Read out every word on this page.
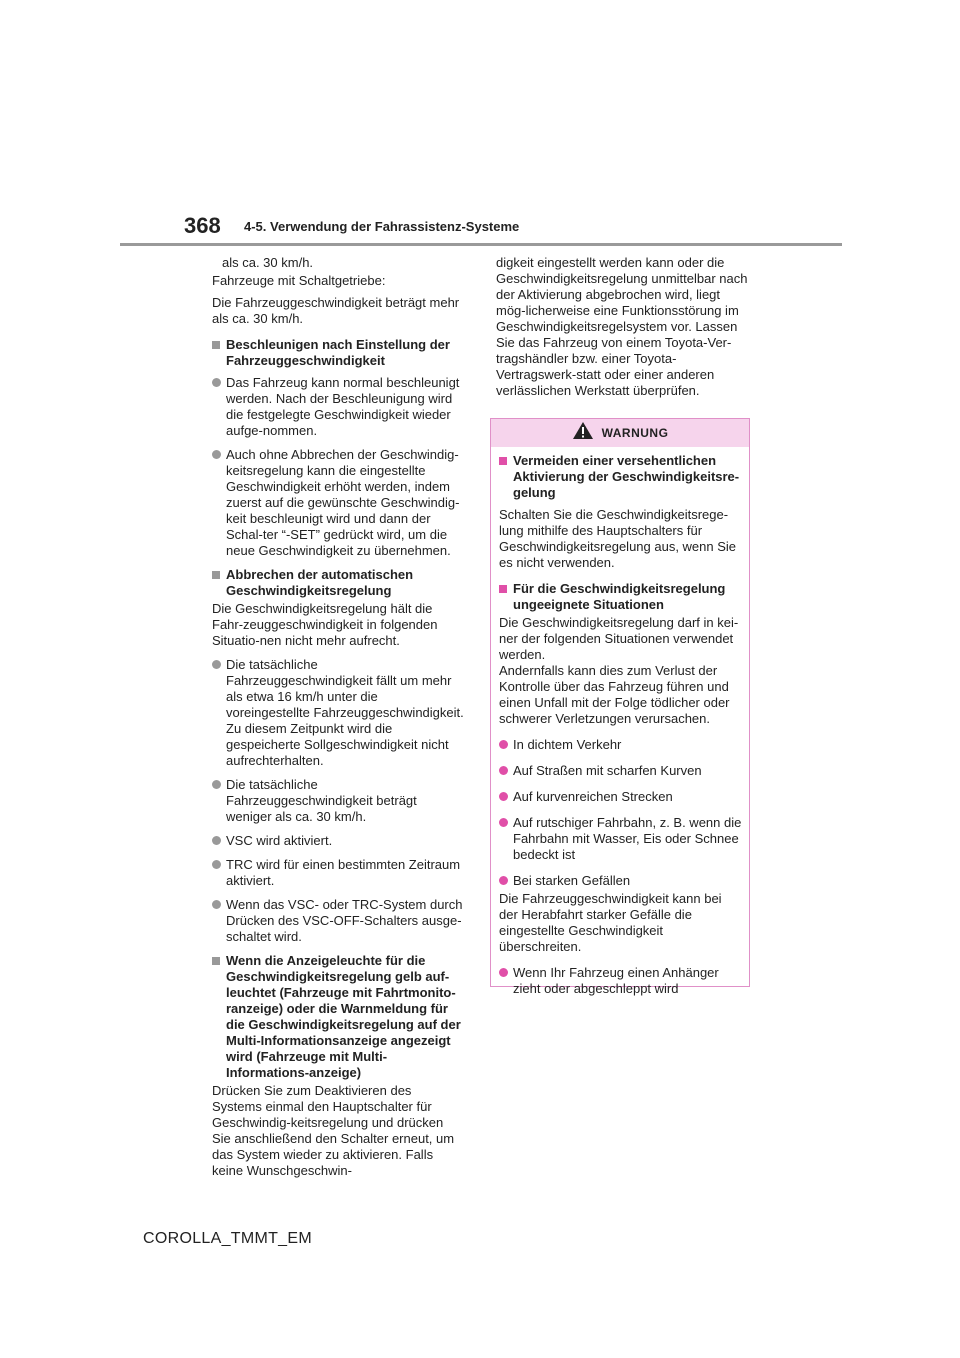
368 4-5. Verwendung der Fahrassistenz-Systeme

als ca. 30 km/h.

Fahrzeuge mit Schaltgetriebe:

Die Fahrzeuggeschwindigkeit beträgt mehr als ca. 30 km/h.

Beschleunigen nach Einstellung der Fahrzeuggeschwindigkeit
Das Fahrzeug kann normal beschleunigt werden. Nach der Beschleunigung wird die festgelegte Geschwindigkeit wieder aufge-nommen.
Auch ohne Abbrechen der Geschwindig-keitsregelung kann die eingestellte Geschwindigkeit erhöht werden, indem zuerst auf die gewünschte Geschwindig-keit beschleunigt wird und dann der Schal-ter “-SET” gedrückt wird, um die neue Geschwindigkeit zu übernehmen.
Abbrechen der automatischen Geschwindigkeitsregelung

Die Geschwindigkeitsregelung hält die Fahr-zeuggeschwindigkeit in folgenden Situatio-nen nicht mehr aufrecht.

Die tatsächliche Fahrzeuggeschwindigkeit fällt um mehr als etwa 16 km/h unter die voreingestellte Fahrzeuggeschwindigkeit. Zu diesem Zeitpunkt wird die gespeicherte Sollgeschwindigkeit nicht aufrechterhalten.
Die tatsächliche Fahrzeuggeschwindigkeit beträgt weniger als ca. 30 km/h.
VSC wird aktiviert.
TRC wird für einen bestimmten Zeitraum aktiviert.
Wenn das VSC- oder TRC-System durch Drücken des VSC-OFF-Schalters ausge-schaltet wird.
Wenn die Anzeigeleuchte für die Geschwindigkeitsregelung gelb auf-leuchtet (Fahrzeuge mit Fahrtmonito-ranzeige) oder die Warnmeldung für die Geschwindigkeitsregelung auf der Multi-Informationsanzeige angezeigt wird (Fahrzeuge mit Multi-Informations-anzeige)

Drücken Sie zum Deaktivieren des Systems einmal den Hauptschalter für Geschwindig-keitsregelung und drücken Sie anschließend den Schalter erneut, um das System wieder zu aktivieren. Falls keine Wunschgeschwin-

digkeit eingestellt werden kann oder die Geschwindigkeitsregelung unmittelbar nach der Aktivierung abgebrochen wird, liegt mög-licherweise eine Funktionsstörung im Geschwindigkeitsregelsystem vor. Lassen Sie das Fahrzeug von einem Toyota-Ver-tragshändler bzw. einer Toyota-Vertragswerk-statt oder einer anderen verlässlichen Werkstatt überprüfen.

WARNUNG
Vermeiden einer versehentlichen Aktivierung der Geschwindigkeitsre-gelung

Schalten Sie die Geschwindigkeitsrege-lung mithilfe des Hauptschalters für Geschwindigkeitsregelung aus, wenn Sie es nicht verwenden.

Für die Geschwindigkeitsregelung ungeeignete Situationen

Die Geschwindigkeitsregelung darf in kei-ner der folgenden Situationen verwendet werden.

Andernfalls kann dies zum Verlust der Kontrolle über das Fahrzeug führen und einen Unfall mit der Folge tödlicher oder schwerer Verletzungen verursachen.

In dichtem Verkehr
Auf Straßen mit scharfen Kurven
Auf kurvenreichen Strecken
Auf rutschiger Fahrbahn, z. B. wenn die Fahrbahn mit Wasser, Eis oder Schnee bedeckt ist
Bei starken Gefällen

Die Fahrzeuggeschwindigkeit kann bei der Herabfahrt starker Gefälle die eingestellte Geschwindigkeit überschreiten.

Wenn Ihr Fahrzeug einen Anhänger zieht oder abgeschleppt wird
COROLLA_TMMT_EM
